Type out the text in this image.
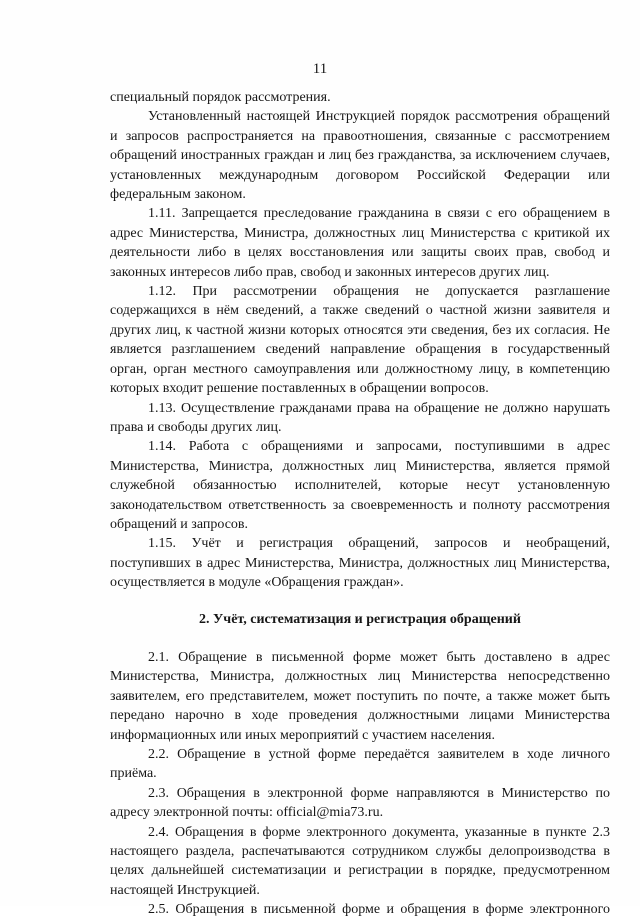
11

специальный порядок рассмотрения.

Установленный настоящей Инструкцией порядок рассмотрения обращений и запросов распространяется на правоотношения, связанные с рассмотрением обращений иностранных граждан и лиц без гражданства, за исключением случаев, установленных международным договором Российской Федерации или федеральным законом.

1.11. Запрещается преследование гражданина в связи с его обращением в адрес Министерства, Министра, должностных лиц Министерства с критикой их деятельности либо в целях восстановления или защиты своих прав, свобод и законных интересов либо прав, свобод и законных интересов других лиц.

1.12. При рассмотрении обращения не допускается разглашение содержащихся в нём сведений, а также сведений о частной жизни заявителя и других лиц, к частной жизни которых относятся эти сведения, без их согласия. Не является разглашением сведений направление обращения в государственный орган, орган местного самоуправления или должностному лицу, в компетенцию которых входит решение поставленных в обращении вопросов.

1.13. Осуществление гражданами права на обращение не должно нарушать права и свободы других лиц.

1.14. Работа с обращениями и запросами, поступившими в адрес Министерства, Министра, должностных лиц Министерства, является прямой служебной обязанностью исполнителей, которые несут установленную законодательством ответственность за своевременность и полноту рассмотрения обращений и запросов.

1.15. Учёт и регистрация обращений, запросов и необращений, поступивших в адрес Министерства, Министра, должностных лиц Министерства, осуществляется в модуле «Обращения граждан».

2. Учёт, систематизация и регистрация обращений

2.1. Обращение в письменной форме может быть доставлено в адрес Министерства, Министра, должностных лиц Министерства непосредственно заявителем, его представителем, может поступить по почте, а также может быть передано нарочно в ходе проведения должностными лицами Министерства информационных или иных мероприятий с участием населения.

2.2. Обращение в устной форме передаётся заявителем в ходе личного приёма.

2.3. Обращения в электронной форме направляются в Министерство по адресу электронной почты: official@mia73.ru.

2.4. Обращения в форме электронного документа, указанные в пункте 2.3 настоящего раздела, распечатываются сотрудником службы делопроизводства в целях дальнейшей систематизации и регистрации в порядке, предусмотренном настоящей Инструкцией.

2.5. Обращения в письменной форме и обращения в форме электронного
